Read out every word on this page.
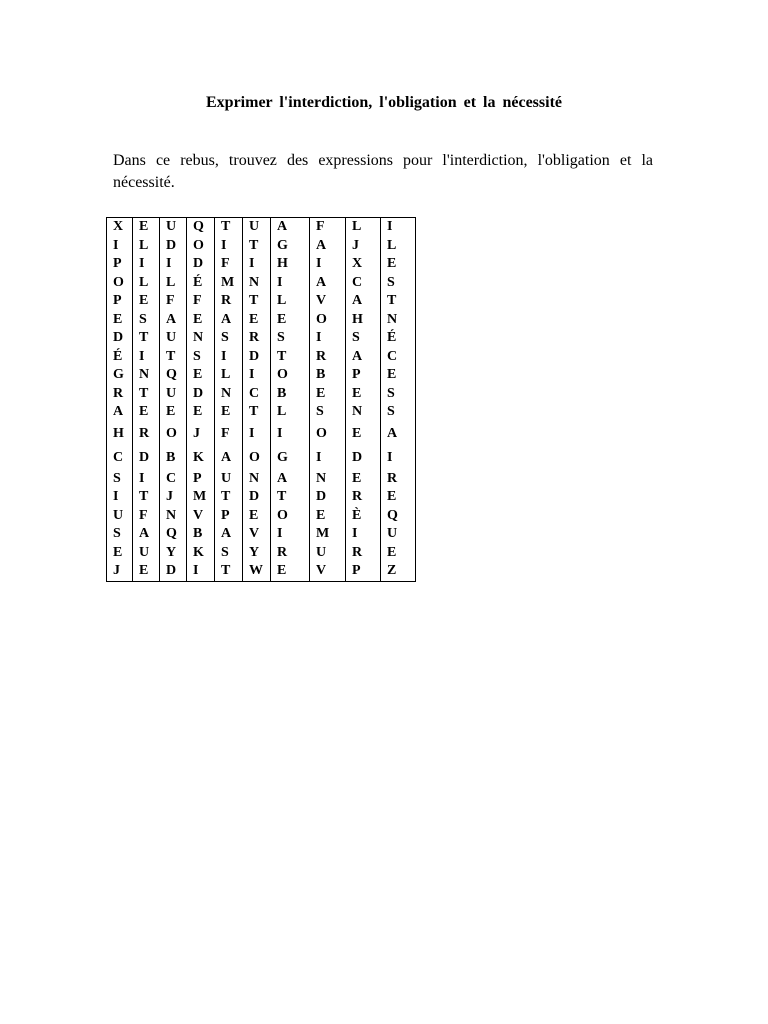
Exprimer l'interdiction, l'obligation et la nécessité
Dans ce rebus, trouvez des expressions pour l'interdiction, l'obligation et la nécessité.
X	E	U	Q	T	U	A	F	L	I
I	L	D	O	I	T	G	A	J	L
P	I	I	D	F	I	H	I	X	E
O	L	L	É	M	N	I	A	C	S
P	E	F	F	R	T	L	V	A	T
E	S	A	E	A	E	E	O	H	N
D	T	U	N	S	R	S	I	S	É
É	I	T	S	I	D	T	R	A	C
G	N	Q	E	L	I	O	B	P	E
R	T	U	D	N	C	B	E	E	S
A	E	E	E	E	T	L	S	N	S
H	R	O	J	F	I	I	O	E	A
C	D	B	K	A	O	G	I	D	I
S	I	C	P	U	N	A	N	E	R
I	T	J	M	T	D	T	D	R	E
U	F	N	V	P	E	O	E	È	Q
S	A	Q	B	A	V	I	M	I	U
E	U	Y	K	S	Y	R	U	R	E
J	E	D	I	T	W	E	V	P	Z
